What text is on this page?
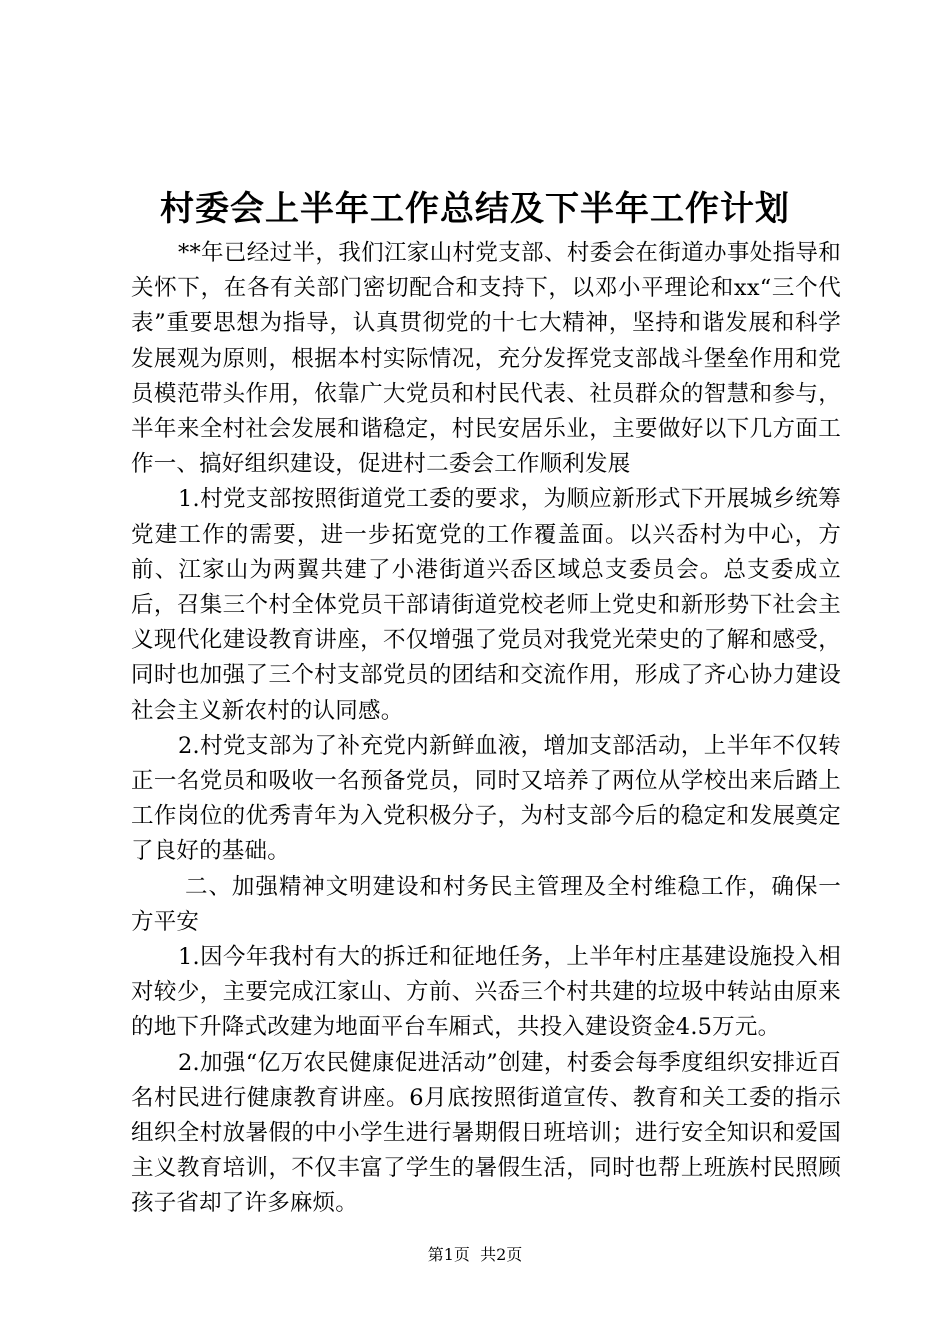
村委会上半年工作总结及下半年工作计划

**年已经过半，我们江家山村党支部、村委会在街道办事处指导和关怀下，在各有关部门密切配合和支持下，以邓小平理论和xx“三个代表”重要思想为指导，认真贯彻党的十七大精神，坚持和谐发展和科学发展观为原则，根据本村实际情况，充分发挥党支部战斗堡垒作用和党员模范带头作用，依靠广大党员和村民代表、社员群众的智慧和参与，半年来全村社会发展和谐稳定，村民安居乐业，主要做好以下几方面工作一、搞好组织建设，促进村二委会工作顺利发展

1.村党支部按照街道党工委的要求，为顺应新形式下开展城乡统筹党建工作的需要，进一步拓宽党的工作覆盖面。以兴岙村为中心，方前、江家山为两翼共建了小港街道兴岙区域总支委员会。总支委成立后，召集三个村全体党员干部请街道党校老师上党史和新形势下社会主义现代化建设教育讲座，不仅增强了党员对我党光荣史的了解和感受，同时也加强了三个村支部党员的团结和交流作用，形成了齐心协力建设社会主义新农村的认同感。

2.村党支部为了补充党内新鲜血液，增加支部活动，上半年不仅转正一名党员和吸收一名预备党员，同时又培养了两位从学校出来后踏上工作岗位的优秀青年为入党积极分子，为村支部今后的稳定和发展奠定了良好的基础。

二、加强精神文明建设和村务民主管理及全村维稳工作，确保一方平安

1.因今年我村有大的拆迁和征地任务，上半年村庄基建设施投入相对较少，主要完成江家山、方前、兴岙三个村共建的垃圾中转站由原来的地下升降式改建为地面平台车厢式，共投入建设资金4.5万元。

2.加强“亿万农民健康促进活动”创建，村委会每季度组织安排近百名村民进行健康教育讲座。6月底按照街道宣传、教育和关工委的指示组织全村放暑假的中小学生进行暑期假日班培训；进行安全知识和爱国主义教育培训，不仅丰富了学生的暑假生活，同时也帮上班族村民照顾孩子省却了许多麻烦。

第1页  共2页
